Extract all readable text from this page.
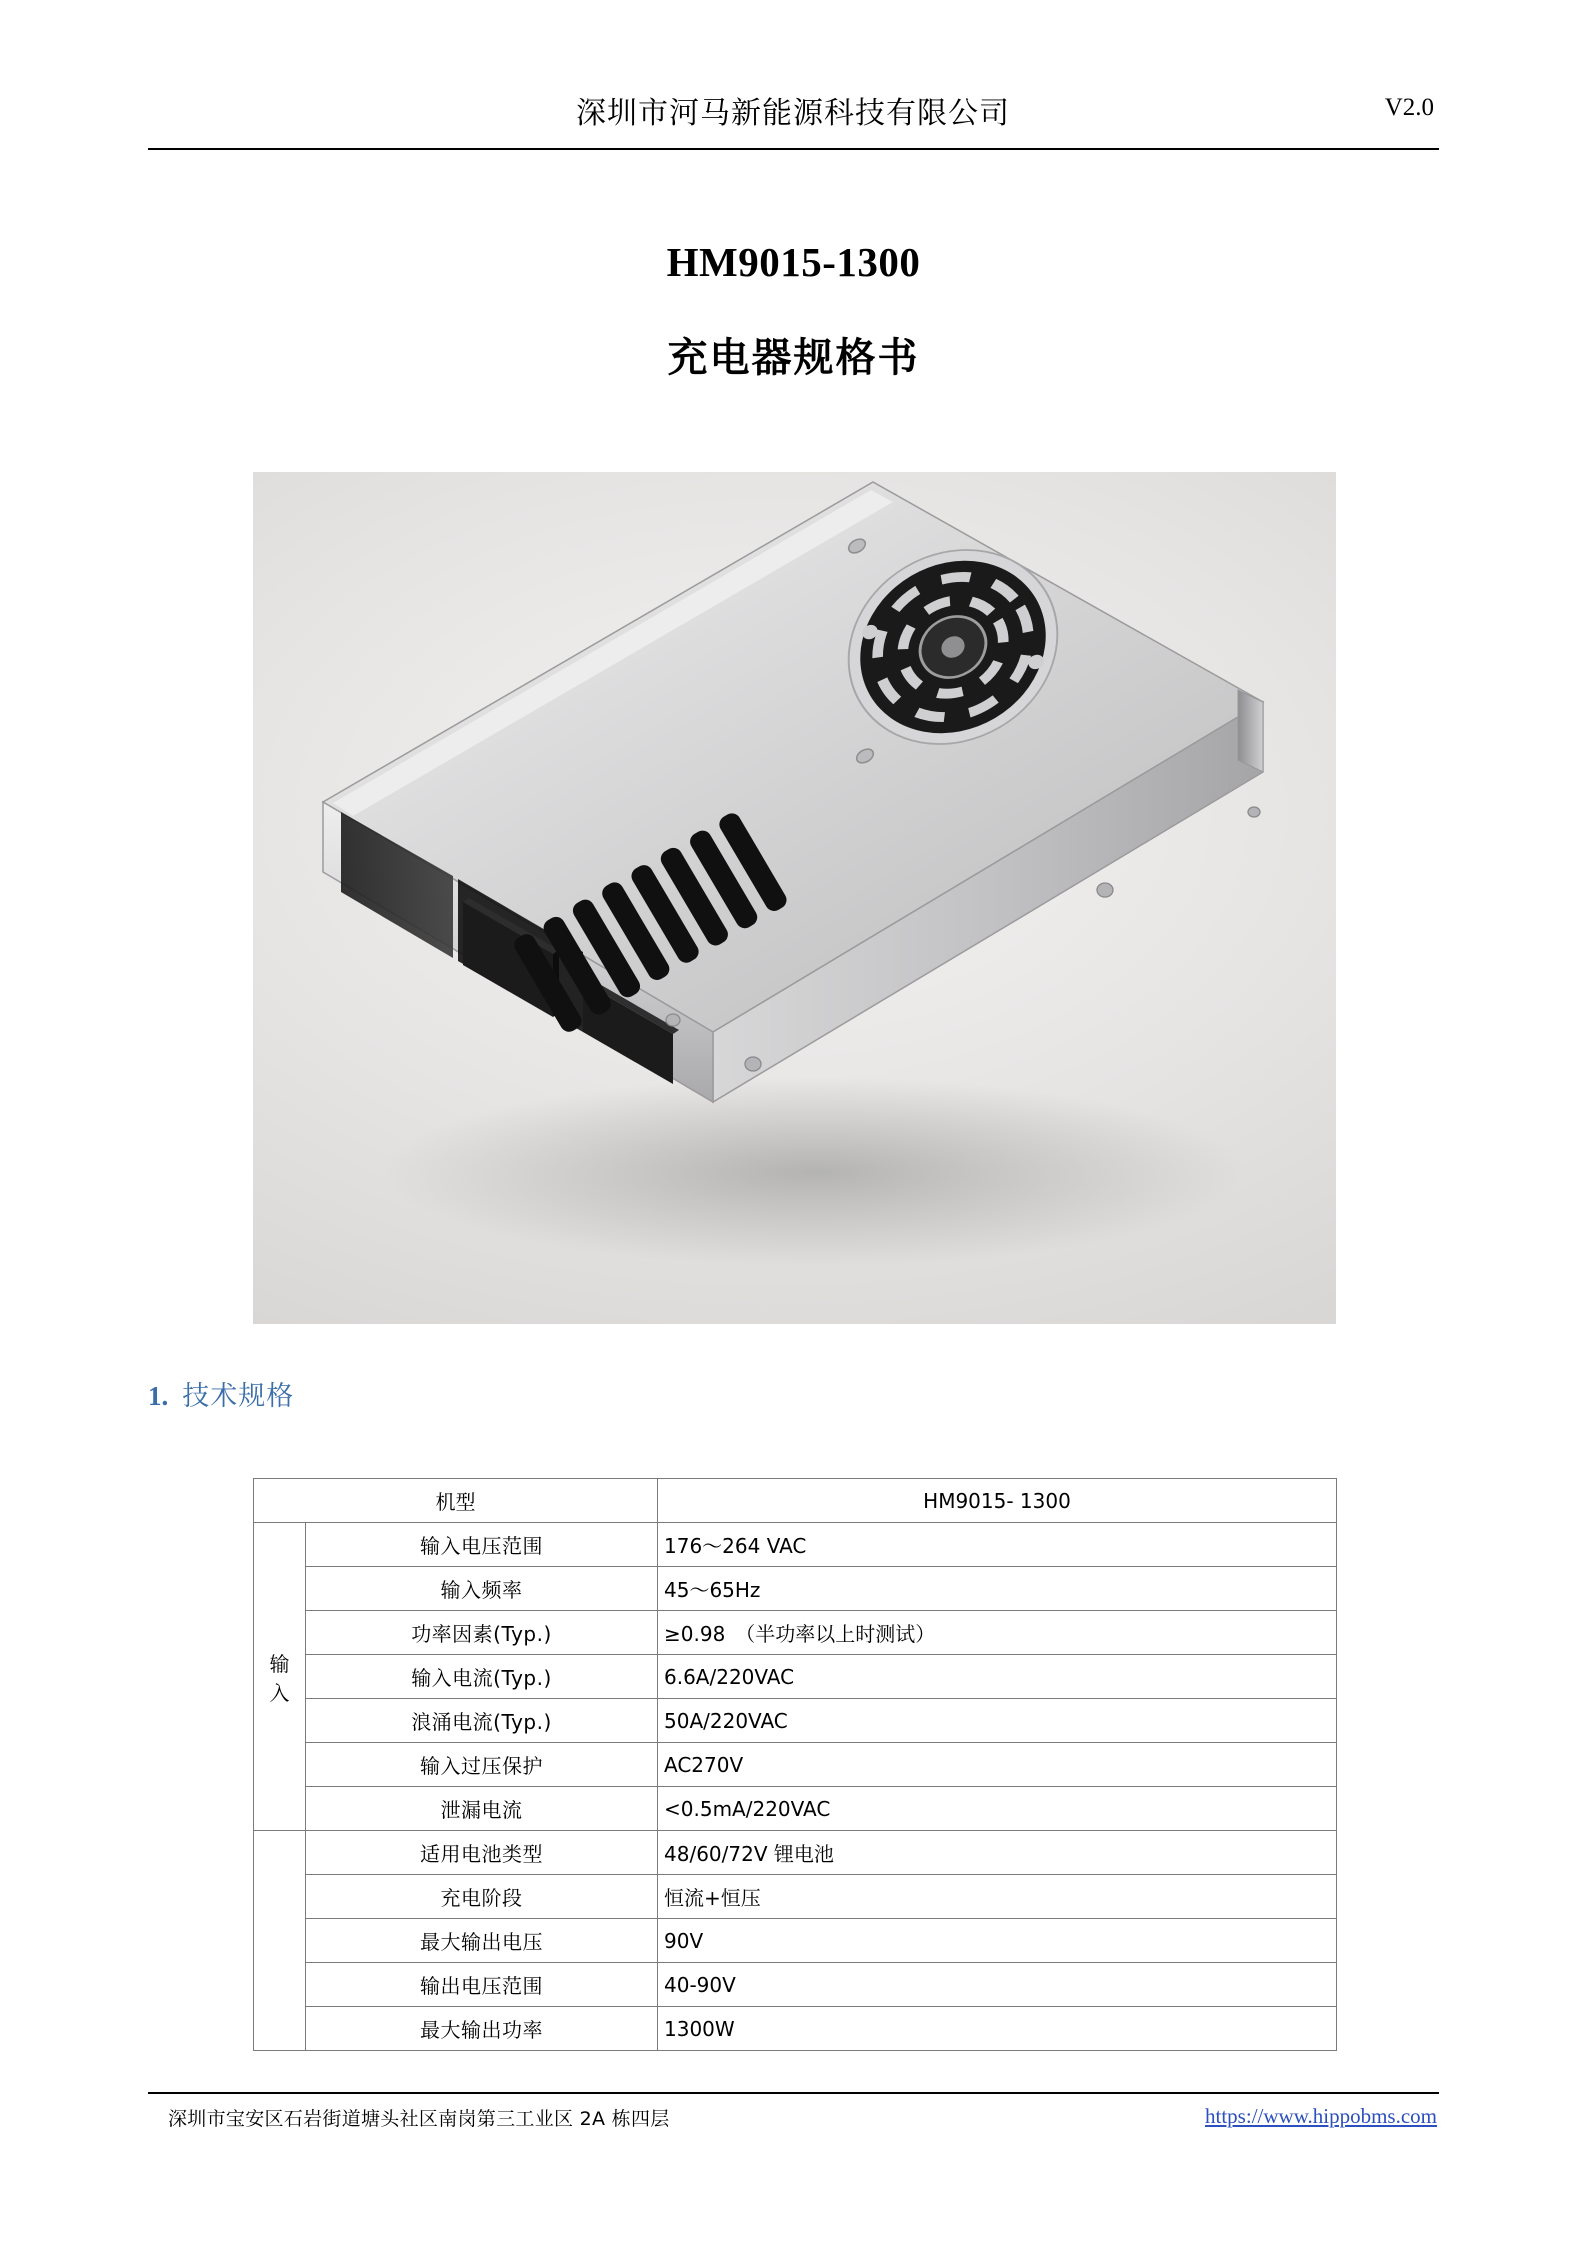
深圳市河马新能源科技有限公司	V2.0
HM9015-1300
充电器规格书
1. 技术规格
机型		HM9015- 1300
输入	输入电压范围	176～264 VAC
	输入频率	45～65Hz
	功率因素(Typ.)	≥0.98　（半功率以上时测试）
	输入电流(Typ.)	6.6A/220VAC
	浪涌电流(Typ.)	50A/220VAC
	输入过压保护	AC270V
	泄漏电流	<0.5mA/220VAC
	适用电池类型	48/60/72V 锂电池
	充电阶段	恒流+恒压
	最大输出电压	90V
	输出电压范围	40-90V
	最大输出功率	1300W
深圳市宝安区石岩街道塘头社区南岗第三工业区 2A 栋四层	https://www.hippobms.com
